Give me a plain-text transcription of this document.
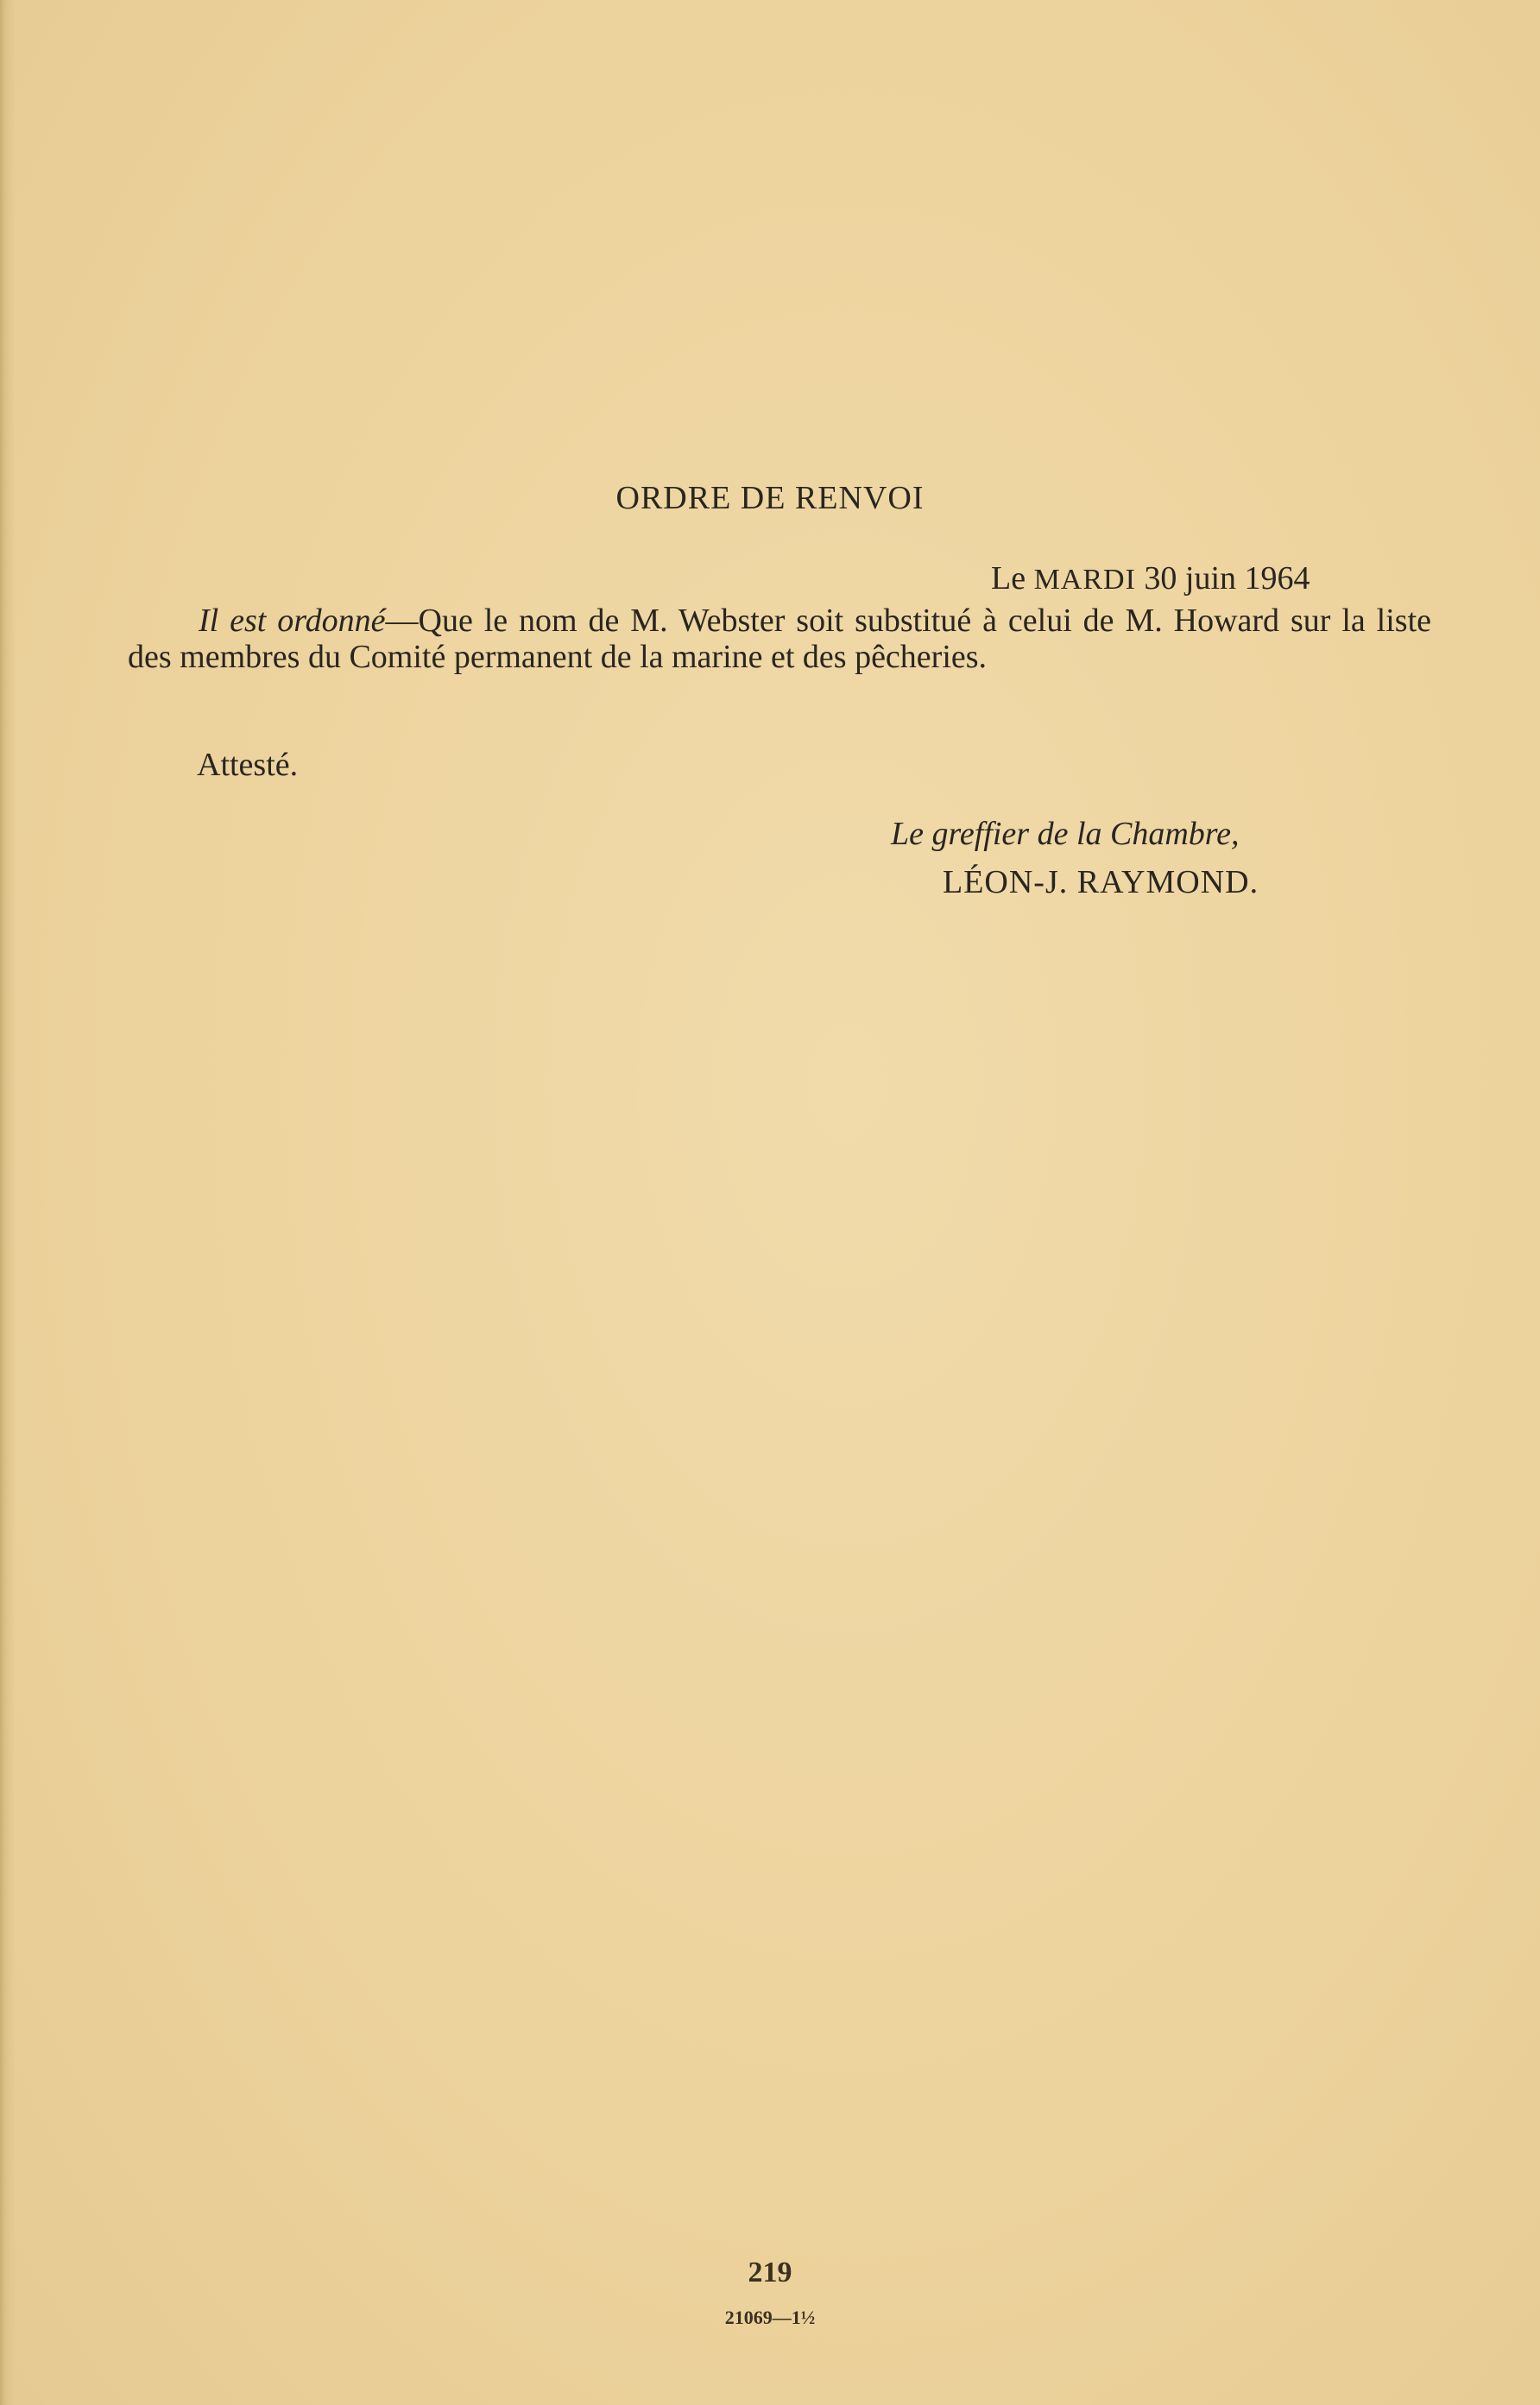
ORDRE DE RENVOI
Le MARDI 30 juin 1964

Il est ordonné—Que le nom de M. Webster soit substitué à celui de M. Howard sur la liste des membres du Comité permanent de la marine et des pêcheries.

Attesté.
Le greffier de la Chambre,
LÉON-J. RAYMOND.
219
21069—1½
